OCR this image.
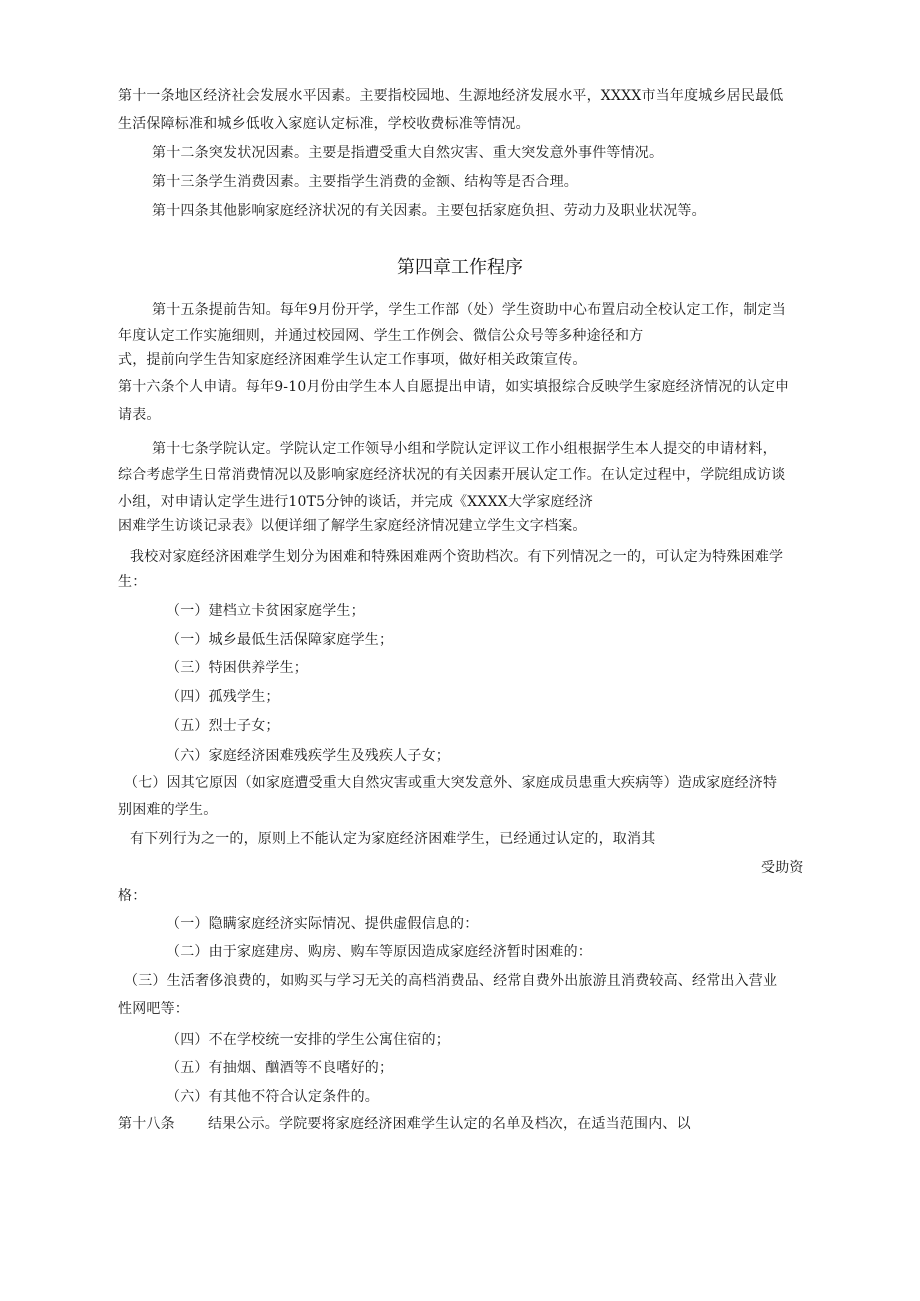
第十一条地区经济社会发展水平因素。主要指校园地、生源地经济发展水平，XXXX市当年度城乡居民最低
生活保障标准和城乡低收入家庭认定标准，学校收费标准等情况。
第十二条突发状况因素。主要是指遭受重大自然灾害、重大突发意外事件等情况。
第十三条学生消费因素。主要指学生消费的金额、结构等是否合理。
第十四条其他影响家庭经济状况的有关因素。主要包括家庭负担、劳动力及职业状况等。
第四章工作程序
第十五条提前告知。每年9月份开学，学生工作部（处）学生资助中心布置启动全校认定工作，制定当
年度认定工作实施细则，并通过校园网、学生工作例会、微信公众号等多种途径和方
式，提前向学生告知家庭经济困难学生认定工作事项，做好相关政策宣传。
第十六条个人申请。每年9-10月份由学生本人自愿提出申请，如实填报综合反映学生家庭经济情况的认定申
请表。
第十七条学院认定。学院认定工作领导小组和学院认定评议工作小组根据学生本人提交的申请材料，
综合考虑学生日常消费情况以及影响家庭经济状况的有关因素开展认定工作。在认定过程中，学院组成访谈
小组，对申请认定学生进行10T5分钟的谈话，并完成《XXXX大学家庭经济
困难学生访谈记录表》以便详细了解学生家庭经济情况建立学生文字档案。
我校对家庭经济困难学生划分为困难和特殊困难两个资助档次。有下列情况之一的，可认定为特殊困难学
生：
（一）建档立卡贫困家庭学生；
（一）城乡最低生活保障家庭学生；
（三）特困供养学生；
（四）孤残学生；
（五）烈士子女；
（六）家庭经济困难残疾学生及残疾人子女；
（七）因其它原因（如家庭遭受重大自然灾害或重大突发意外、家庭成员患重大疾病等）造成家庭经济特
别困难的学生。
有下列行为之一的，原则上不能认定为家庭经济困难学生，已经通过认定的，取消其
受助资
格：
（一）隐瞒家庭经济实际情况、提供虚假信息的：
（二）由于家庭建房、购房、购车等原因造成家庭经济暂时困难的：
（三）生活奢侈浪费的，如购买与学习无关的高档消费品、经常自费外出旅游且消费较高、经常出入营业
性网吧等：
（四）不在学校统一安排的学生公寓住宿的；
（五）有抽烟、酗酒等不良嗜好的；
（六）有其他不符合认定条件的。
第十八条 结果公示。学院要将家庭经济困难学生认定的名单及档次，在适当范围内、以
